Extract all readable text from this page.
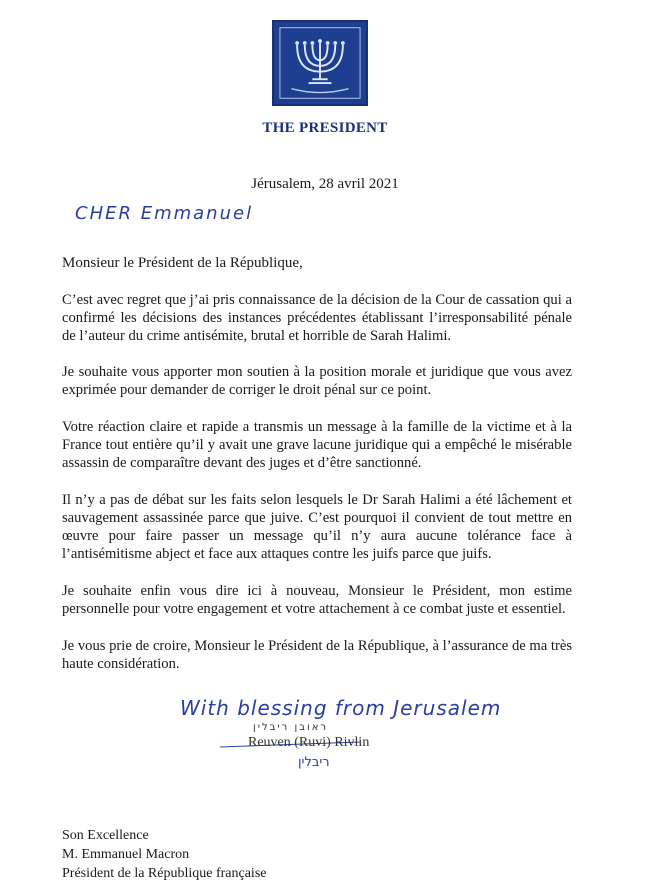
THE PRESIDENT
Jérusalem, 28 avril 2021
CHER Emmanuel
Monsieur le Président de la République,
C’est avec regret que j’ai pris connaissance de la décision de la Cour de cassation qui a confirmé les décisions des instances précédentes établissant l’irresponsabilité pénale de l’auteur du crime antisémite, brutal et horrible de Sarah Halimi.
Je souhaite vous apporter mon soutien à la position morale et juridique que vous avez exprimée pour demander de corriger le droit pénal sur ce point.
Votre réaction claire et rapide a transmis un message à la famille de la victime et à la France tout entière qu’il y avait une grave lacune juridique qui a empêché le misérable assassin de comparaître devant des juges et d’être sanctionné.
Il n’y a pas de débat sur les faits selon lesquels le Dr Sarah Halimi a été lâchement et sauvagement assassinée parce que juive. C’est pourquoi il convient de tout mettre en œuvre pour faire passer un message qu’il n’y aura aucune tolérance face à l’antisémitisme abject et face aux attaques contre les juifs parce que juifs.
Je souhaite enfin vous dire ici à nouveau, Monsieur le Président, mon estime personnelle pour votre engagement et votre attachement à ce combat juste et essentiel.
Je vous prie de croire, Monsieur le Président de la République, à l’assurance de ma très haute considération.
With blessing from Jerusalem
ראובן ריבלין
Reuven (Ruvi) Rivlin
ריבלין
Son Excellence
M. Emmanuel Macron
Président de la République française
